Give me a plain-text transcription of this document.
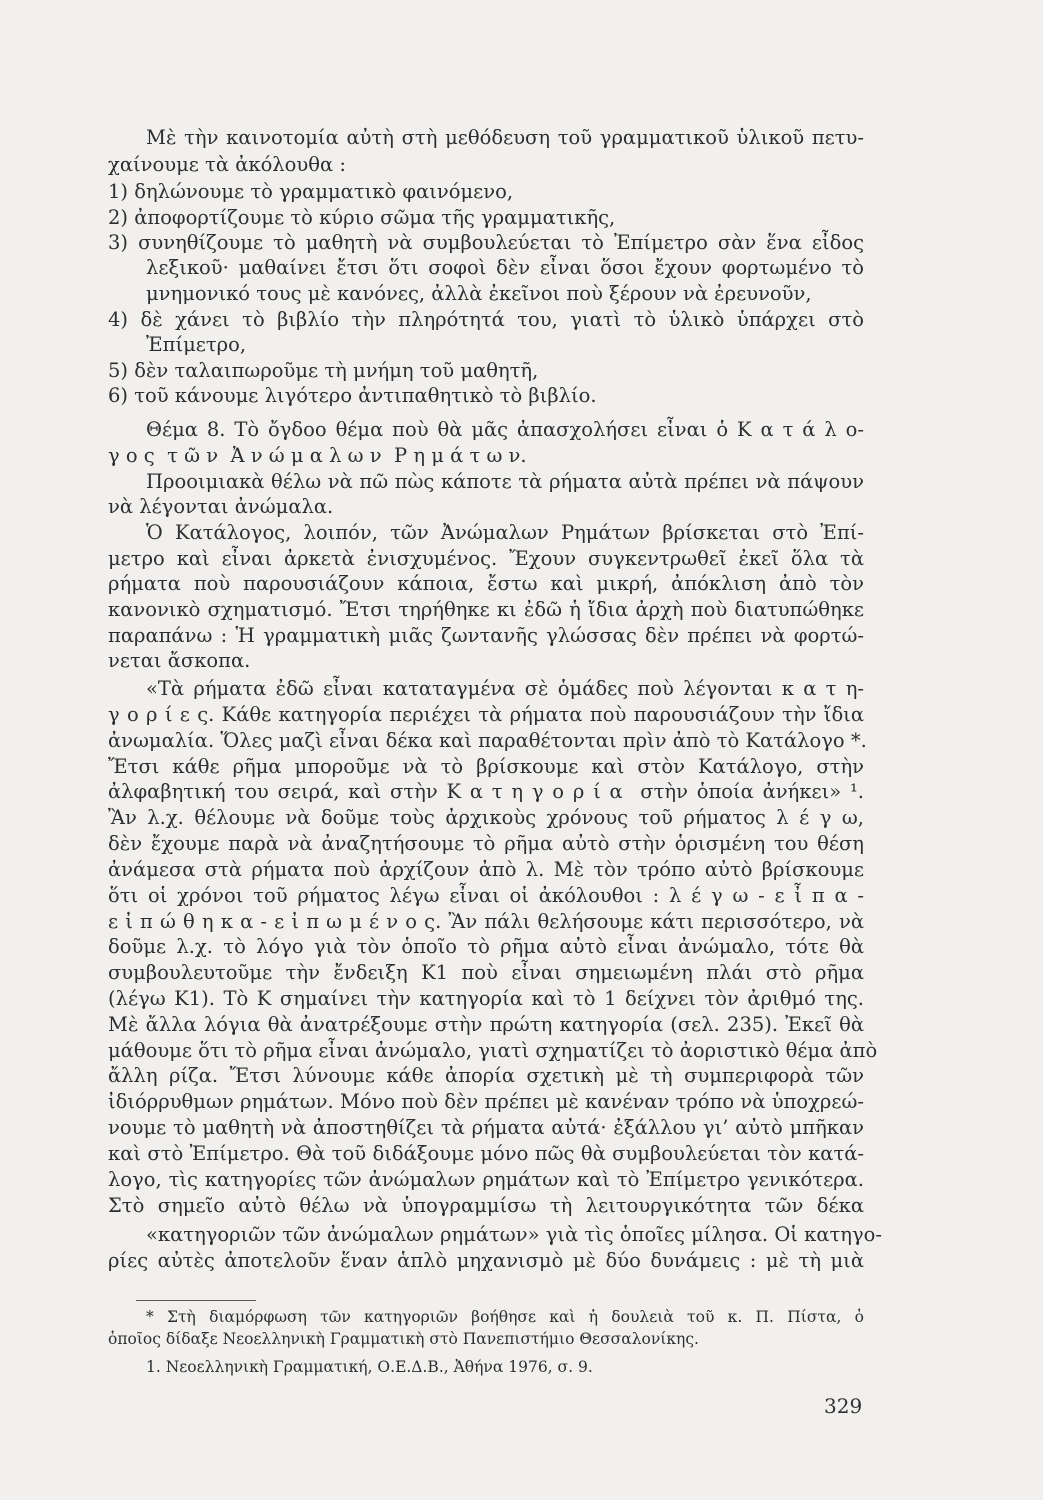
Μὲ τὴν καινοτομία αὐτὴ στὴ μεθόδευση τοῦ γραμματικοῦ ὑλικοῦ πετυ-
χαίνουμε τὰ ἀκόλουθα :
1) δηλώνουμε τὸ γραμματικὸ φαινόμενο,
2) ἀποφορτίζουμε τὸ κύριο σῶμα τῆς γραμματικῆς,
3) συνηθίζουμε τὸ μαθητὴ νὰ συμβουλεύεται τὸ Ἐπίμετρο σὰν ἕνα εἶδος
λεξικοῦ· μαθαίνει ἔτσι ὅτι σοφοὶ δὲν εἶναι ὅσοι ἔχουν φορτωμένο τὸ
μνημονικό τους μὲ κανόνες, ἀλλὰ ἐκεῖνοι ποὺ ξέρουν νὰ ἐρευνοῦν,
4) δὲ χάνει τὸ βιβλίο τὴν πληρότητά του, γιατὶ τὸ ὑλικὸ ὑπάρχει στὸ
Ἐπίμετρο,
5) δὲν ταλαιπωροῦμε τὴ μνήμη τοῦ μαθητῆ,
6) τοῦ κάνουμε λιγότερο ἀντιπαθητικὸ τὸ βιβλίο.
Θέμα 8. Τὸ ὄγδοο θέμα ποὺ θὰ μᾶς ἀπασχολήσει εἶναι ὁ Κ α τ ά λ ο-
γ ο ς  τ ῶ ν  Ἀ ν ώ μ α λ ω ν  Ρ η μ ά τ ω ν.
Προοιμιακὰ θέλω νὰ πῶ πὼς κάποτε τὰ ρήματα αὐτὰ πρέπει νὰ πάψουν
νὰ λέγονται ἀνώμαλα.
Ὁ Κατάλογος, λοιπόν, τῶν Ἀνώμαλων Ρημάτων βρίσκεται στὸ Ἐπί-
μετρο καὶ εἶναι ἀρκετὰ ἐνισχυμένος. Ἔχουν συγκεντρωθεῖ ἐκεῖ ὅλα τὰ
ρήματα ποὺ παρουσιάζουν κάποια, ἔστω καὶ μικρή, ἀπόκλιση ἀπὸ τὸν
κανονικὸ σχηματισμό. Ἔτσι τηρήθηκε κι ἐδῶ ἡ ἴδια ἀρχὴ ποὺ διατυπώθηκε
παραπάνω : Ἡ γραμματικὴ μιᾶς ζωντανῆς γλώσσας δὲν πρέπει νὰ φορτώ-
νεται ἄσκοπα.
«Τὰ ρήματα ἐδῶ εἶναι καταταγμένα σὲ ὁμάδες ποὺ λέγονται κ α τ η-
γ ο ρ ί ε ς. Κάθε κατηγορία περιέχει τὰ ρήματα ποὺ παρουσιάζουν τὴν ἴδια
ἀνωμαλία. Ὅλες μαζὶ εἶναι δέκα καὶ παραθέτονται πρὶν ἀπὸ τὸ Κατάλογο *.
Ἔτσι κάθε ρῆμα μποροῦμε νὰ τὸ βρίσκουμε καὶ στὸν Κατάλογο, στὴν
ἀλφαβητική του σειρά, καὶ στὴν Κ α τ η γ ο ρ ί α  στὴν ὁποία ἀνήκει» ¹.
Ἂν λ.χ. θέλουμε νὰ δοῦμε τοὺς ἀρχικοὺς χρόνους τοῦ ρήματος λ έ γ ω,
δὲν ἔχουμε παρὰ νὰ ἀναζητήσουμε τὸ ρῆμα αὐτὸ στὴν ὁρισμένη του θέση
ἀνάμεσα στὰ ρήματα ποὺ ἀρχίζουν ἀπὸ λ. Μὲ τὸν τρόπο αὐτὸ βρίσκουμε
ὅτι οἱ χρόνοι τοῦ ρήματος λέγω εἶναι οἱ ἀκόλουθοι : λ έ γ ω - ε ἶ π α -
ε ἰ π ώ θ η κ α - ε ἰ π ω μ έ ν ο ς. Ἂν πάλι θελήσουμε κάτι περισσότερο, νὰ
δοῦμε λ.χ. τὸ λόγο γιὰ τὸν ὁποῖο τὸ ρῆμα αὐτὸ εἶναι ἀνώμαλο, τότε θὰ
συμβουλευτοῦμε τὴν ἔνδειξη Κ1 ποὺ εἶναι σημειωμένη πλάι στὸ ρῆμα
(λέγω Κ1). Τὸ Κ σημαίνει τὴν κατηγορία καὶ τὸ 1 δείχνει τὸν ἀριθμό της.
Μὲ ἄλλα λόγια θὰ ἀνατρέξουμε στὴν πρώτη κατηγορία (σελ. 235). Ἐκεῖ θὰ
μάθουμε ὅτι τὸ ρῆμα εἶναι ἀνώμαλο, γιατὶ σχηματίζει τὸ ἀοριστικὸ θέμα ἀπὸ
ἄλλη ρίζα. Ἔτσι λύνουμε κάθε ἀπορία σχετικὴ μὲ τὴ συμπεριφορὰ τῶν
ἰδιόρρυθμων ρημάτων. Μόνο ποὺ δὲν πρέπει μὲ κανέναν τρόπο νὰ ὑποχρεώ-
νουμε τὸ μαθητὴ νὰ ἀποστηθίζει τὰ ρήματα αὐτά· ἐξάλλου γι’ αὐτὸ μπῆκαν
καὶ στὸ Ἐπίμετρο. Θὰ τοῦ διδάξουμε μόνο πῶς θὰ συμβουλεύεται τὸν κατά-
λογο, τὶς κατηγορίες τῶν ἀνώμαλων ρημάτων καὶ τὸ Ἐπίμετρο γενικότερα.
Στὸ σημεῖο αὐτὸ θέλω νὰ ὑπογραμμίσω τὴ λειτουργικότητα τῶν δέκα
«κατηγοριῶν τῶν ἀνώμαλων ρημάτων» γιὰ τὶς ὁποῖες μίλησα. Οἱ κατηγο-
ρίες αὐτὲς ἀποτελοῦν ἕναν ἁπλὸ μηχανισμὸ μὲ δύο δυνάμεις : μὲ τὴ μιὰ
* Στὴ διαμόρφωση τῶν κατηγοριῶν βοήθησε καὶ ἡ δουλειὰ τοῦ κ. Π. Πίστα, ὁ
ὁποῖος δίδαξε Νεοελληνικὴ Γραμματικὴ στὸ Πανεπιστήμιο Θεσσαλονίκης.
1. Νεοελληνικὴ Γραμματική, Ο.Ε.Δ.Β., Ἀθήνα 1976, σ. 9.
329
